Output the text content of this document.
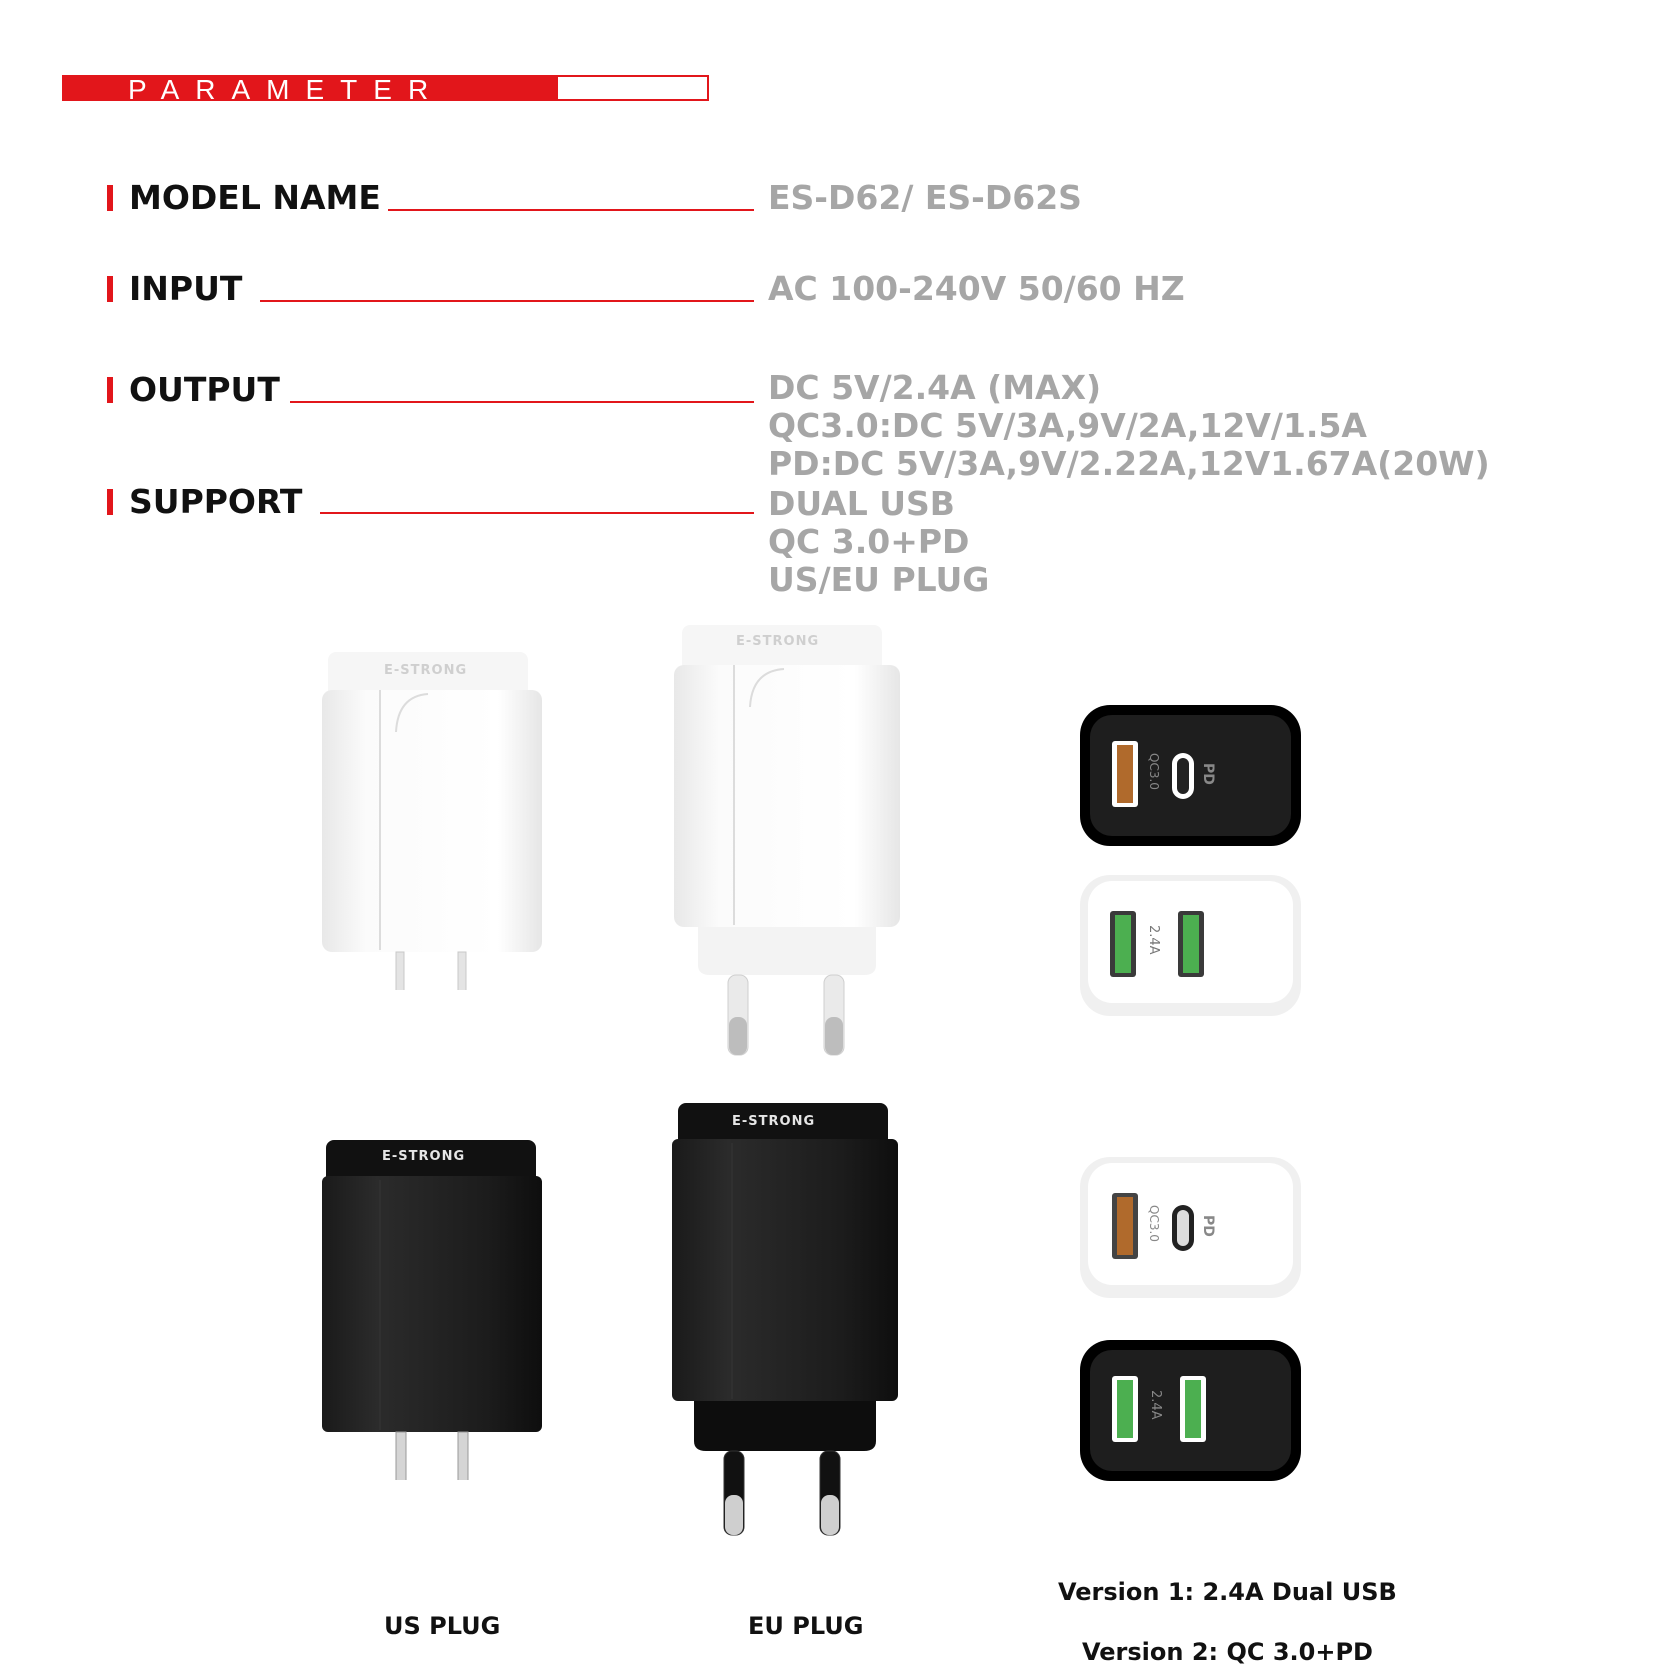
PARAMETER
MODEL NAME	ES-D62/ ES-D62S
INPUT	AC 100-240V 50/60 HZ
OUTPUT	DC 5V/2.4A (MAX)
QC3.0:DC 5V/3A,9V/2A,12V/1.5A
PD:DC 5V/3A,9V/2.22A,12V1.67A(20W)
SUPPORT	DUAL USB
QC 3.0+PD
US/EU PLUG
E-STRONG
E-STRONG
E-STRONG
E-STRONG
QC3.0	PD
2.4A
QC3.0	PD
2.4A
US PLUG	EU PLUG
Version 1: 2.4A Dual USB
Version 2: QC 3.0+PD
